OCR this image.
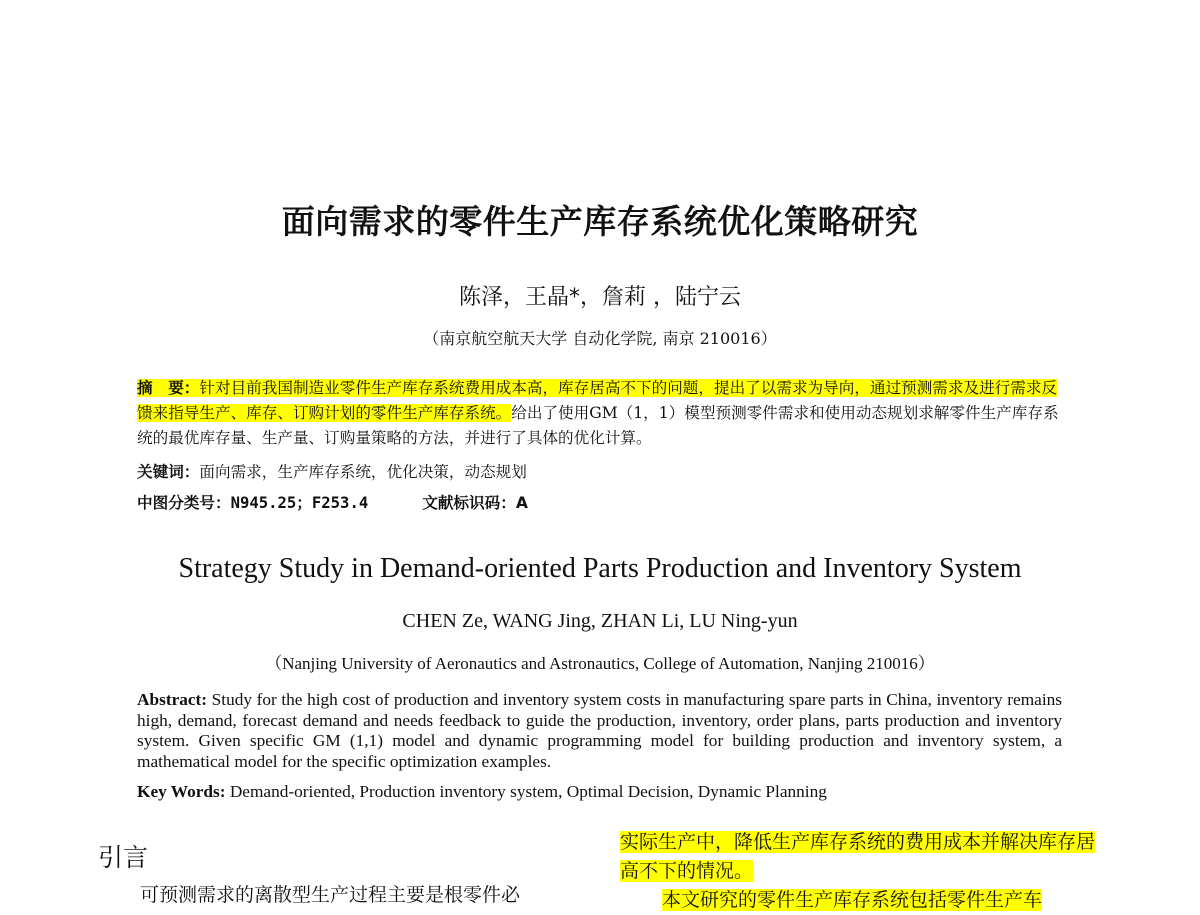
面向需求的零件生产库存系统优化策略研究
陈泽，王晶*，詹莉 ，陆宁云
（南京航空航天大学 自动化学院, 南京 210016）
摘　要：针对目前我国制造业零件生产库存系统费用成本高，库存居高不下的问题，提出了以需求为导向，通过预测需求及进行需求反馈来指导生产、库存、订购计划的零件生产库存系统。给出了使用GM（1，1）模型预测零件需求和使用动态规划求解零件生产库存系统的最优库存量、生产量、订购量策略的方法，并进行了具体的优化计算。
关键词：面向需求，生产库存系统，优化决策，动态规划
中图分类号：N945.25；F253.4	文献标识码：A
Strategy Study in Demand-oriented Parts Production and Inventory System
CHEN Ze, WANG Jing, ZHAN Li, LU Ning-yun
（Nanjing University of Aeronautics and Astronautics, College of Automation, Nanjing 210016）
Abstract: Study for the high cost of production and inventory system costs in manufacturing spare parts in China, inventory remains high, demand, forecast demand and needs feedback to guide the production, inventory, order plans, parts production and inventory system. Given specific GM (1,1) model and dynamic programming model for building production and inventory system, a mathematical model for the specific optimization examples.
Key Words: Demand-oriented, Production inventory system, Optimal Decision, Dynamic Planning
引言
可预测需求的离散型生产过程主要是根零件必
实际生产中，降低生产库存系统的费用成本并解决库存居高不下的情况。
本文研究的零件生产库存系统包括零件生产车
